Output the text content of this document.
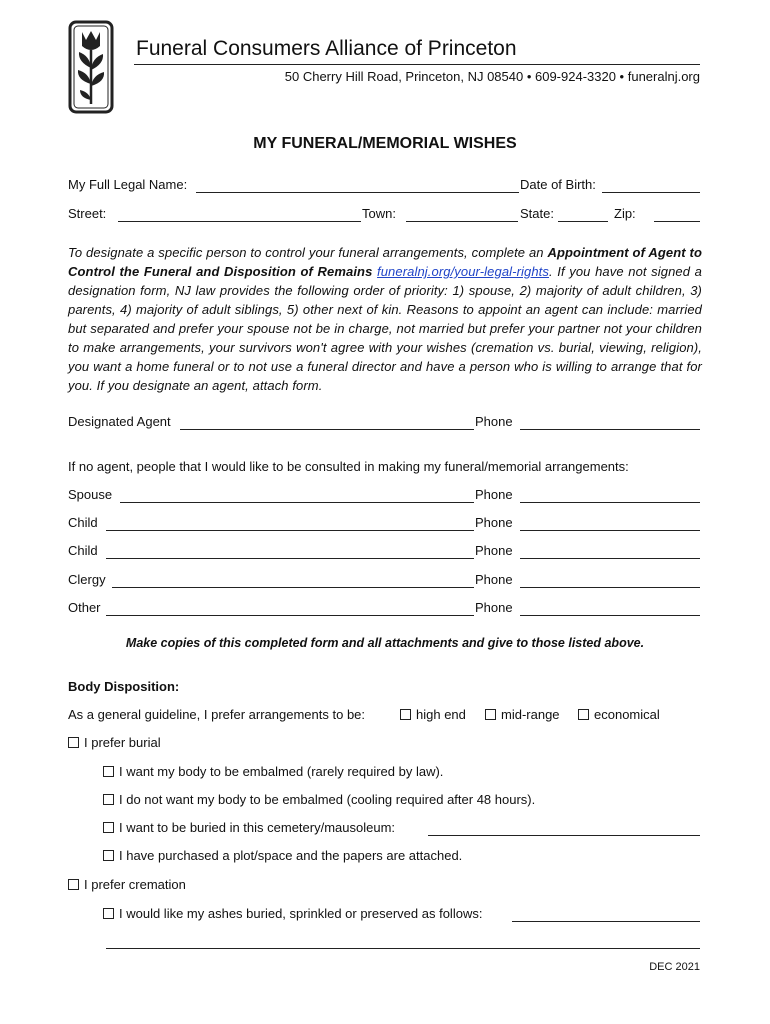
Funeral Consumers Alliance of Princeton
50 Cherry Hill Road, Princeton, NJ 08540 • 609-924-3320 • funeralnj.org
MY FUNERAL/MEMORIAL WISHES
My Full Legal Name:	Date of Birth:
Street:	Town:	State:	Zip:
To designate a specific person to control your funeral arrangements, complete an Appointment of Agent to Control the Funeral and Disposition of Remains funeralnj.org/your-legal-rights. If you have not signed a designation form, NJ law provides the following order of priority: 1) spouse, 2) majority of adult children, 3) parents, 4) majority of adult siblings, 5) other next of kin. Reasons to appoint an agent can include: married but separated and prefer your spouse not be in charge, not married but prefer your partner not your children to make arrangements, your survivors won't agree with your wishes (cremation vs. burial, viewing, religion), you want a home funeral or to not use a funeral director and have a person who is willing to arrange that for you. If you designate an agent, attach form.
Designated Agent	Phone
If no agent, people that I would like to be consulted in making my funeral/memorial arrangements:
Spouse	Phone
Child	Phone
Child	Phone
Clergy	Phone
Other	Phone
Make copies of this completed form and all attachments and give to those listed above.
Body Disposition:
As a general guideline, I prefer arrangements to be:	high end	mid-range	economical
I prefer burial
I want my body to be embalmed (rarely required by law).
I do not want my body to be embalmed (cooling required after 48 hours).
I want to be buried in this cemetery/mausoleum:
I have purchased a plot/space and the papers are attached.
I prefer cremation
I would like my ashes buried, sprinkled or preserved as follows:
DEC 2021
